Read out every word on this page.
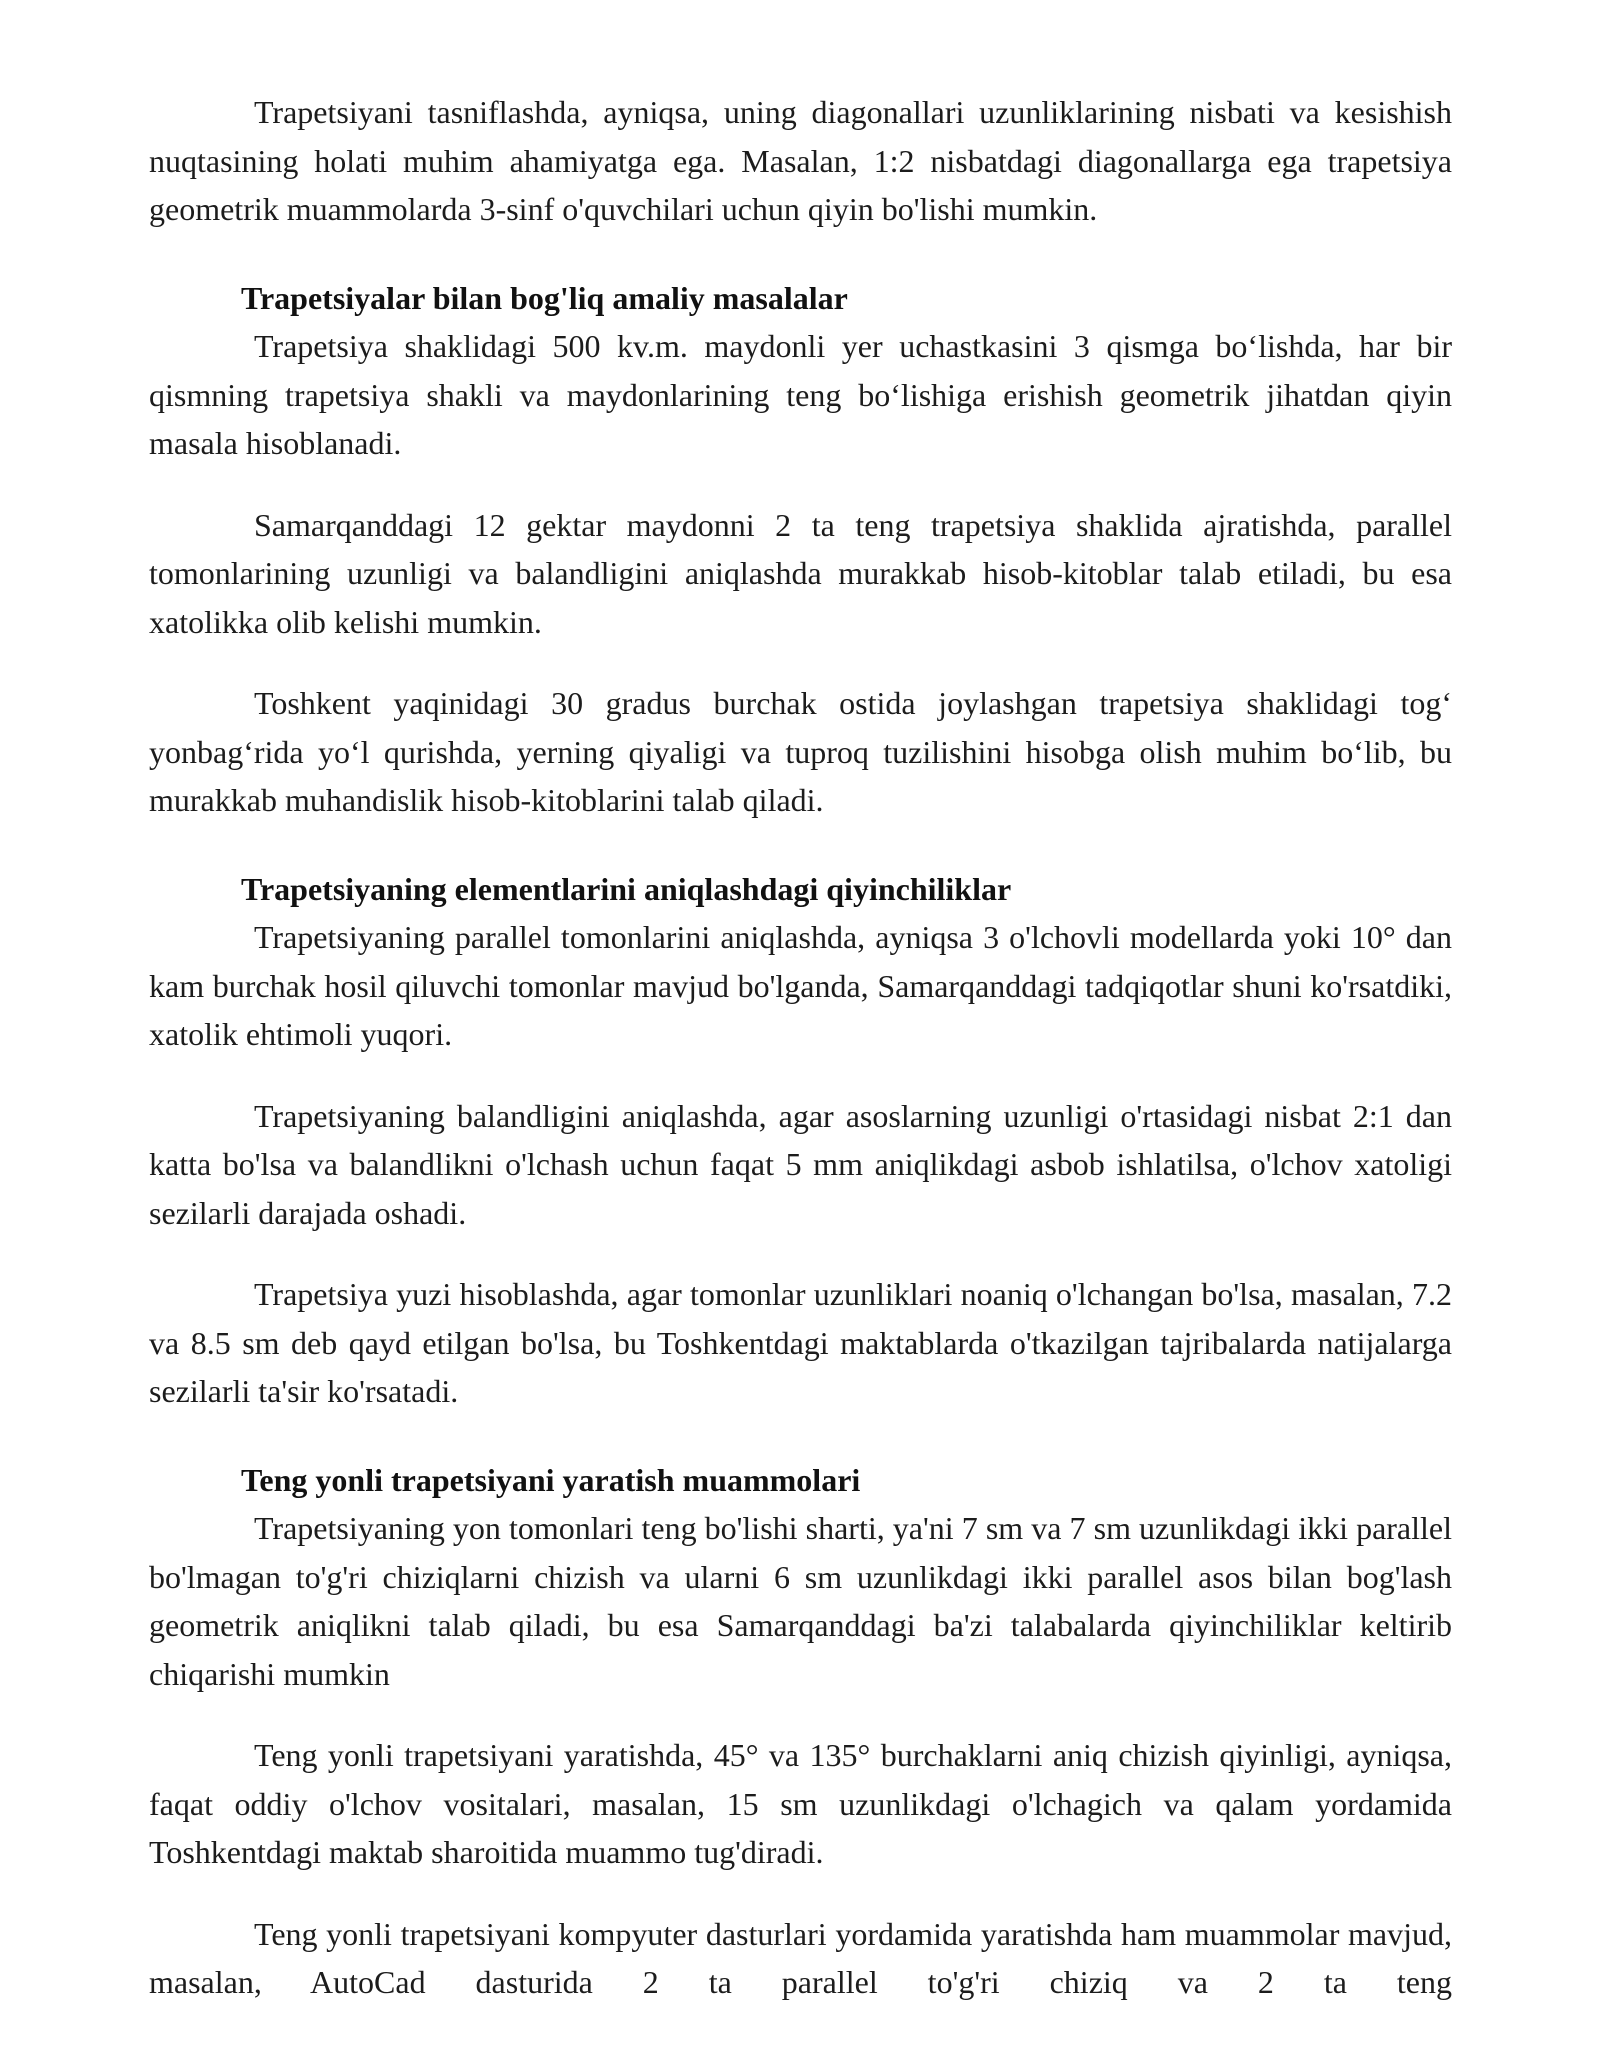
Trapetsiyani tasniflashda, ayniqsa, uning diagonallari uzunliklarining nisbati va kesishish nuqtasining holati muhim ahamiyatga ega. Masalan, 1:2 nisbatdagi diagonallarga ega trapetsiya geometrik muammolarda 3-sinf o'quvchilari uchun qiyin bo'lishi mumkin.

Trapetsiyalar bilan bog'liq amaliy masalalar

Trapetsiya shaklidagi 500 kv.m. maydonli yer uchastkasini 3 qismga bo‘lishda, har bir qismning trapetsiya shakli va maydonlarining teng bo‘lishiga erishish geometrik jihatdan qiyin masala hisoblanadi.

Samarqanddagi 12 gektar maydonni 2 ta teng trapetsiya shaklida ajratishda, parallel tomonlarining uzunligi va balandligini aniqlashda murakkab hisob-kitoblar talab etiladi, bu esa xatolikka olib kelishi mumkin.

Toshkent yaqinidagi 30 gradus burchak ostida joylashgan trapetsiya shaklidagi tog‘ yonbag‘rida yo‘l qurishda, yerning qiyaligi va tuproq tuzilishini hisobga olish muhim bo‘lib, bu murakkab muhandislik hisob-kitoblarini talab qiladi.

Trapetsiyaning elementlarini aniqlashdagi qiyinchiliklar

Trapetsiyaning parallel tomonlarini aniqlashda, ayniqsa 3 o'lchovli modellarda yoki 10° dan kam burchak hosil qiluvchi tomonlar mavjud bo'lganda, Samarqanddagi tadqiqotlar shuni ko'rsatdiki, xatolik ehtimoli yuqori.

Trapetsiyaning balandligini aniqlashda, agar asoslarning uzunligi o'rtasidagi nisbat 2:1 dan katta bo'lsa va balandlikni o'lchash uchun faqat 5 mm aniqlikdagi asbob ishlatilsa, o'lchov xatoligi sezilarli darajada oshadi.

Trapetsiya yuzi hisoblashda, agar tomonlar uzunliklari noaniq o'lchangan bo'lsa, masalan, 7.2 va 8.5 sm deb qayd etilgan bo'lsa, bu Toshkentdagi maktablarda o'tkazilgan tajribalarda natijalarga sezilarli ta'sir ko'rsatadi.

Teng yonli trapetsiyani yaratish muammolari

Trapetsiyaning yon tomonlari teng bo'lishi sharti, ya'ni 7 sm va 7 sm uzunlikdagi ikki parallel bo'lmagan to'g'ri chiziqlarni chizish va ularni 6 sm uzunlikdagi ikki parallel asos bilan bog'lash geometrik aniqlikni talab qiladi, bu esa Samarqanddagi ba'zi talabalarda qiyinchiliklar keltirib chiqarishi mumkin

Teng yonli trapetsiyani yaratishda, 45° va 135° burchaklarni aniq chizish qiyinligi, ayniqsa, faqat oddiy o'lchov vositalari, masalan, 15 sm uzunlikdagi o'lchagich va qalam yordamida Toshkentdagi maktab sharoitida muammo tug'diradi.

Teng yonli trapetsiyani kompyuter dasturlari yordamida yaratishda ham muammolar mavjud, masalan, AutoCad dasturida 2 ta parallel to'g'ri chiziq va 2 ta teng
